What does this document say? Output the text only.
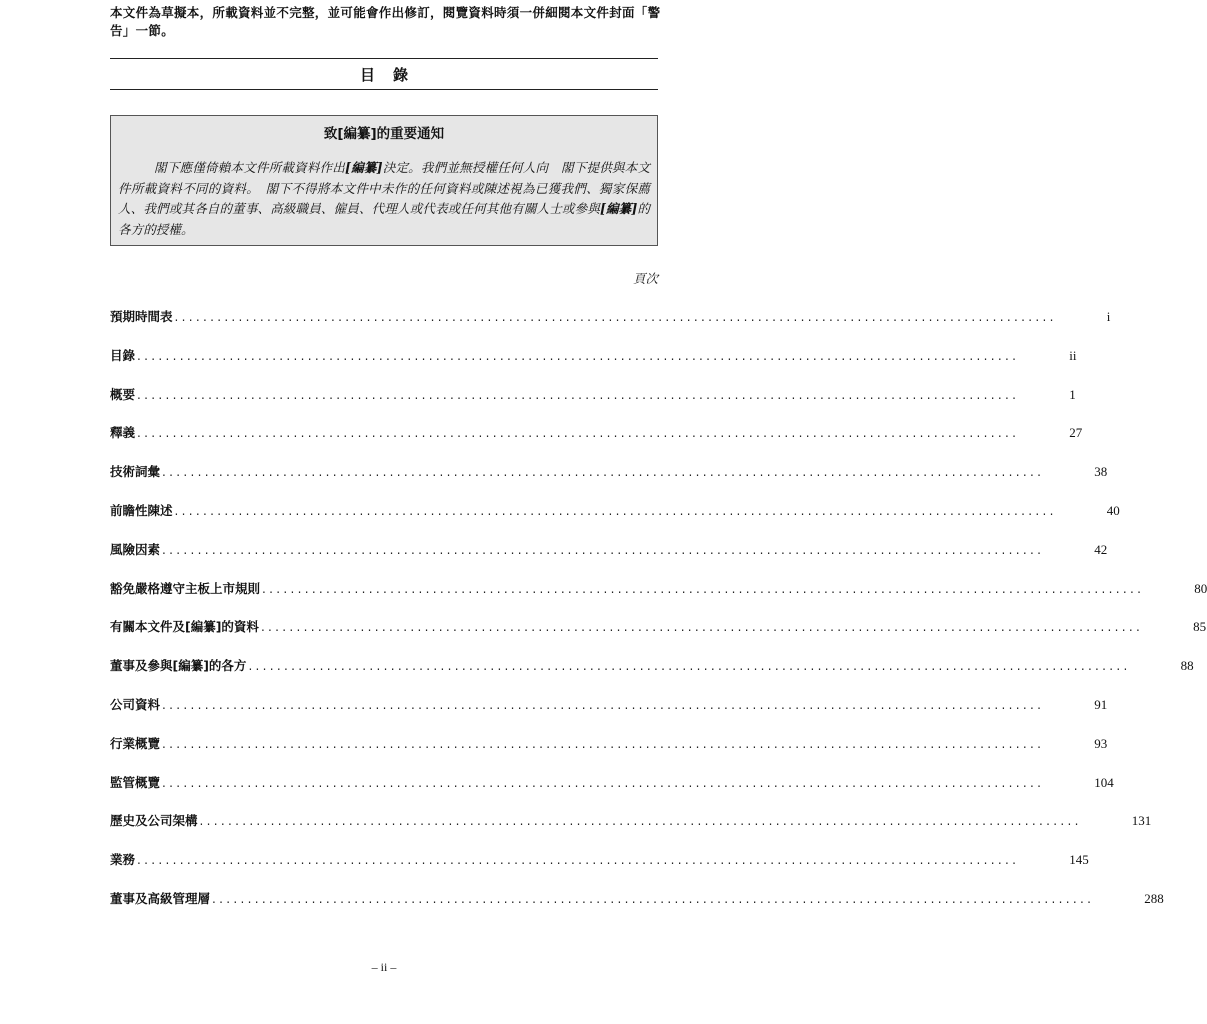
本文件為草擬本，所載資料並不完整，並可能會作出修訂，閱覽資料時須一併細閱本文件封面「警告」一節。
目錄
致[編纂]的重要通知
閣下應僅倚賴本文件所載資料作出[編纂]決定。我們並無授權任何人向　閣下提供與本文件所載資料不同的資料。　閣下不得將本文件中未作的任何資料或陳述視為已獲我們、獨家保薦人、我們或其各自的董事、高級職員、僱員、代理人或代表或任何其他有關人士或參與[編纂]的各方的授權。
頁次
預期時間表 ............................................................................................................................	i
目錄 ............................................................................................................................	ii
概要 ............................................................................................................................	1
釋義 ............................................................................................................................	27
技術詞彙 ............................................................................................................................	38
前瞻性陳述 ............................................................................................................................	40
風險因素 ............................................................................................................................	42
豁免嚴格遵守主板上市規則 ............................................................................................................................	80
有關本文件及[編纂]的資料 ............................................................................................................................	85
董事及參與[編纂]的各方 ............................................................................................................................	88
公司資料 ............................................................................................................................	91
行業概覽 ............................................................................................................................	93
監管概覽 ............................................................................................................................	104
歷史及公司架構 ............................................................................................................................	131
業務 ............................................................................................................................	145
董事及高級管理層 ............................................................................................................................	288
– ii –
